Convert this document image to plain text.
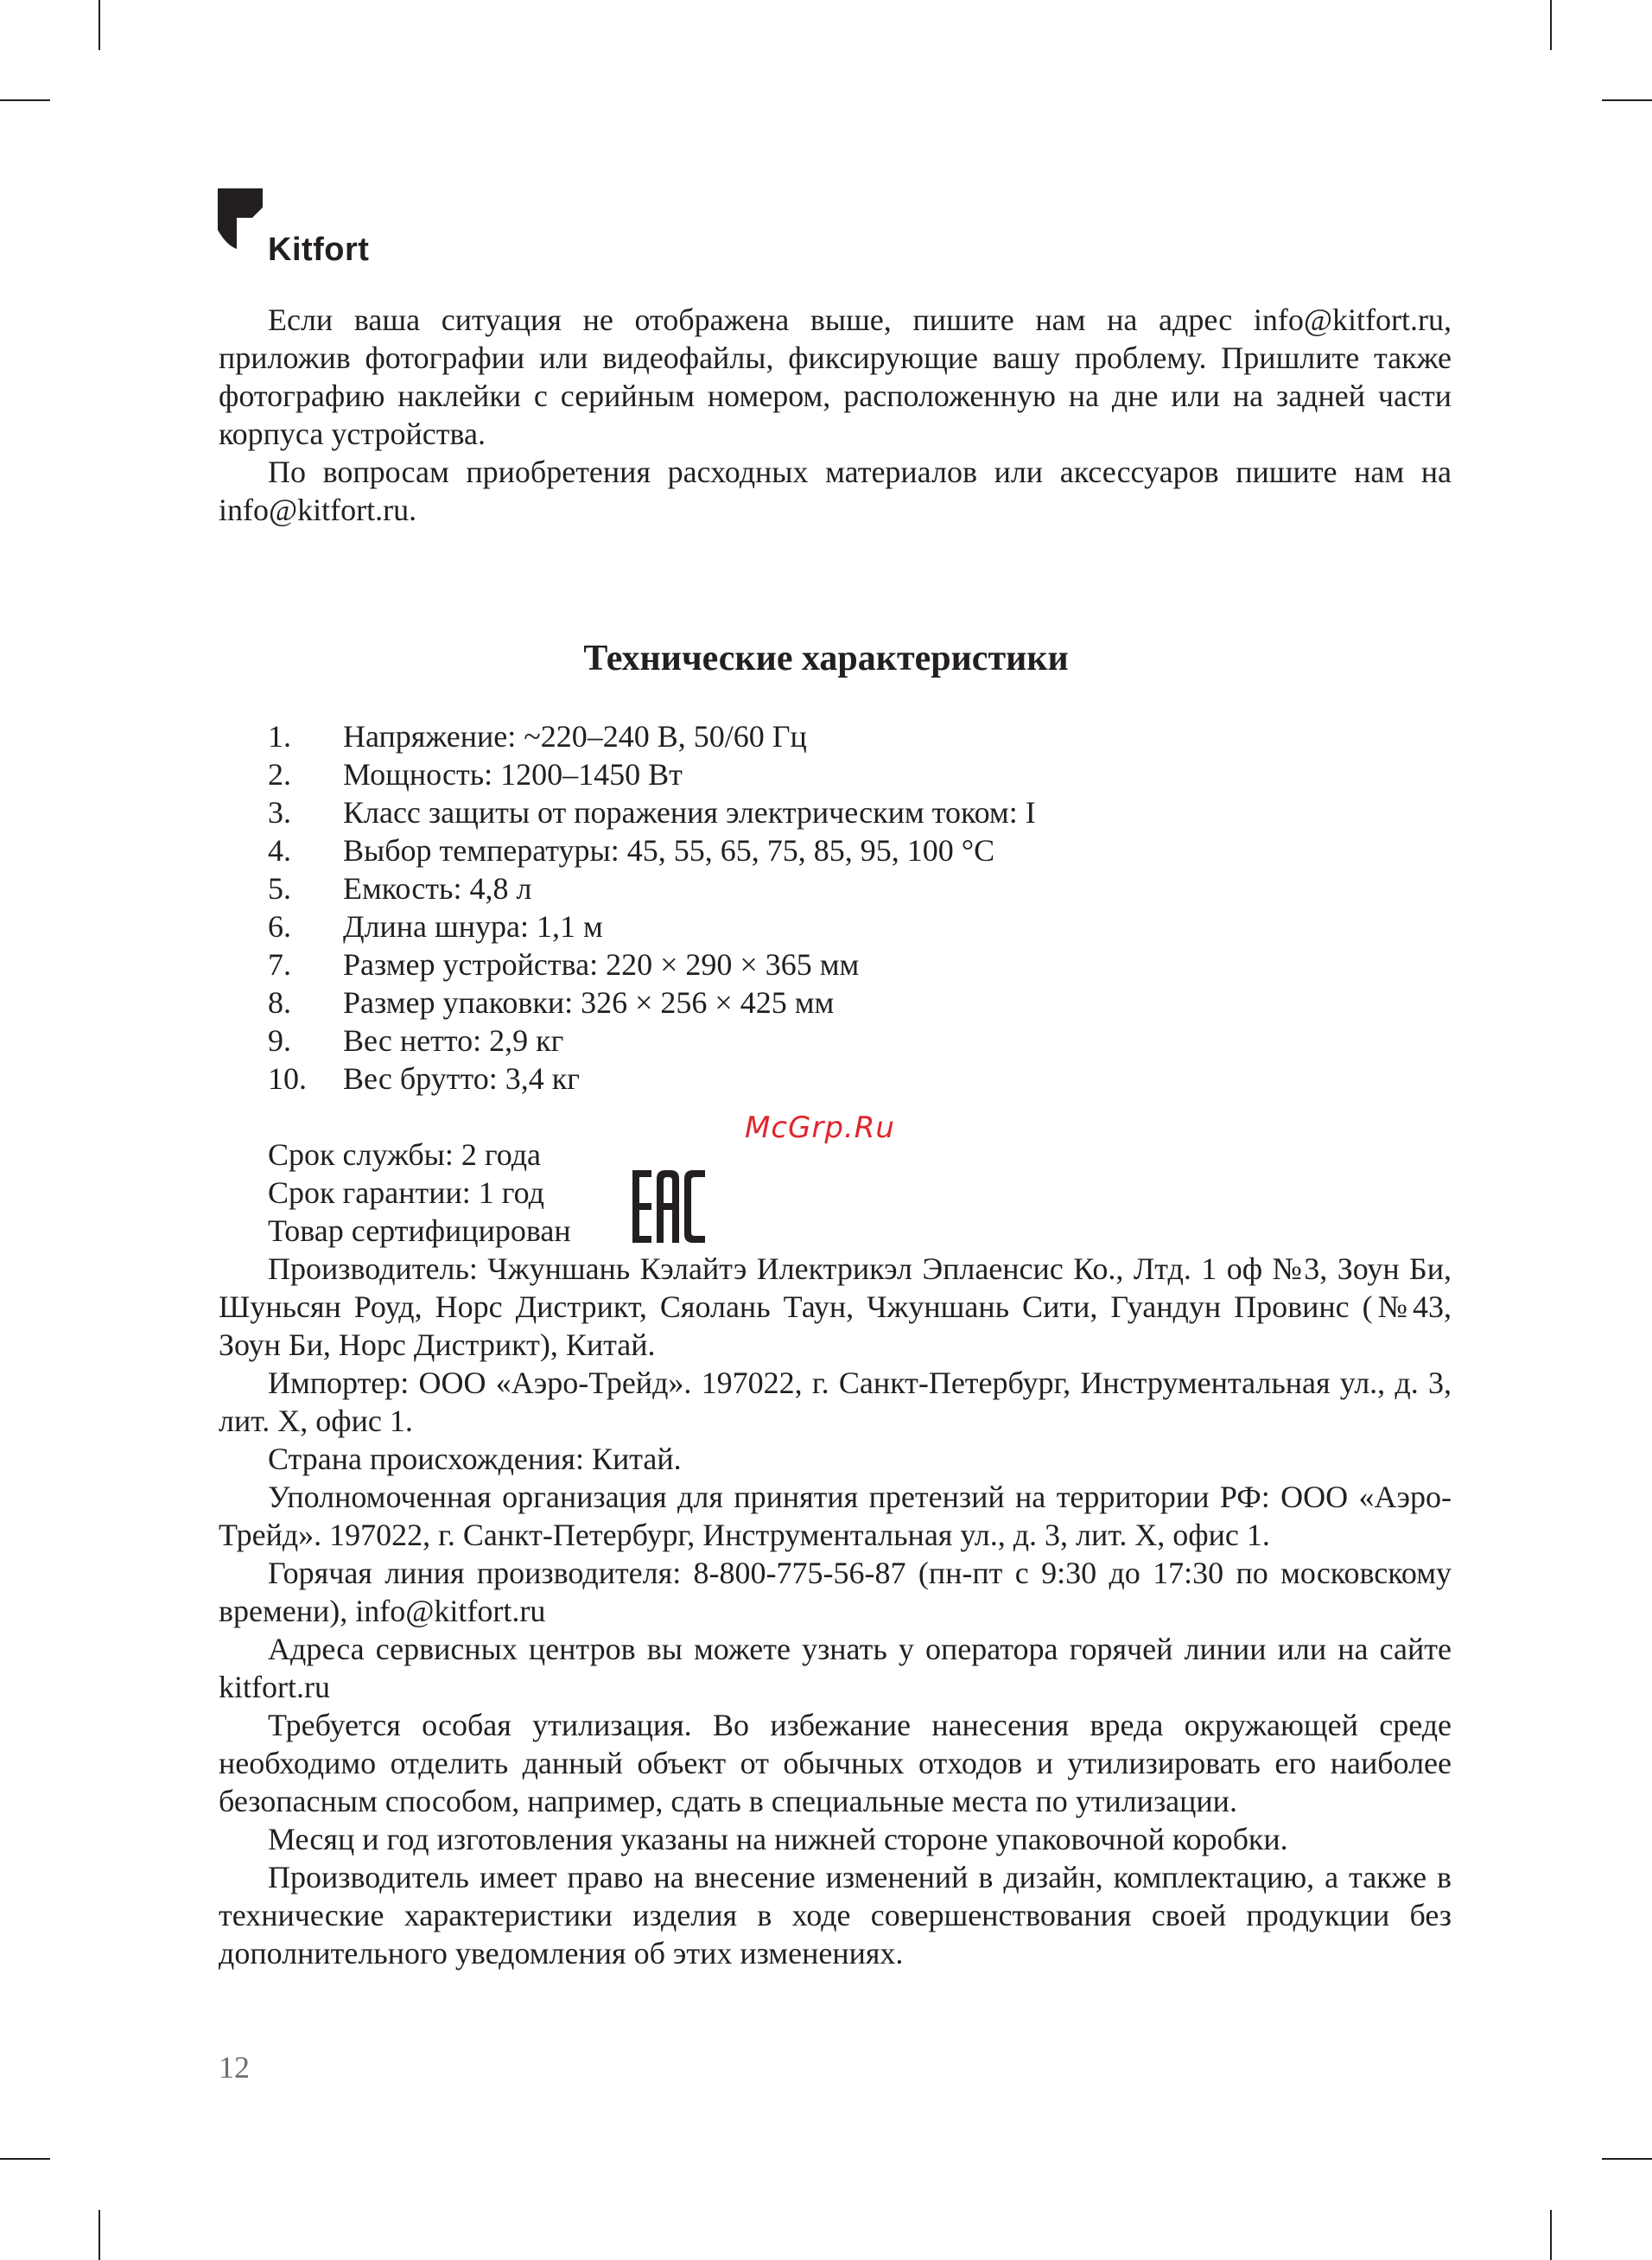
Kitfort

Если ваша ситуация не отображена выше, пишите нам на адрес info@kitfort.ru, приложив фотографии или видеофайлы, фиксирующие вашу проблему. Пришлите также фотографию наклейки с серийным номером, расположенную на дне или на задней части корпуса устройства.

По вопросам приобретения расходных материалов или аксессуаров пишите нам на info@kitfort.ru.

Технические характеристики
1. Напряжение: ~220–240 В, 50/60 Гц
2. Мощность: 1200–1450 Вт
3. Класс защиты от поражения электрическим током: I
4. Выбор температуры: 45, 55, 65, 75, 85, 95, 100 °С
5. Емкость: 4,8 л
6. Длина шнура: 1,1 м
7. Размер устройства: 220 × 290 × 365 мм
8. Размер упаковки: 326 × 256 × 425 мм
9. Вес нетто: 2,9 кг
10. Вес брутто: 3,4 кг
McGrp.Ru
Срок службы: 2 года
Срок гарантии: 1 год
Товар сертифицирован

Производитель: Чжуншань Кэлайтэ Илектрикэл Эплаенсис Ко., Лтд. 1 оф №3, Зоун Би, Шуньсян Роуд, Норс Дистрикт, Сяолань Таун, Чжуншань Сити, Гуандун Провинс (№43, Зоун Би, Норс Дистрикт), Китай.

Импортер: ООО «Аэро-Трейд». 197022, г. Санкт-Петербург, Инструментальная ул., д. 3, лит. Х, офис 1.

Страна происхождения: Китай.

Уполномоченная организация для принятия претензий на территории РФ: ООО «Аэро-Трейд». 197022, г. Санкт-Петербург, Инструментальная ул., д. 3, лит. Х, офис 1.

Горячая линия производителя: 8-800-775-56-87 (пн-пт с 9:30 до 17:30 по московскому времени), info@kitfort.ru

Адреса сервисных центров вы можете узнать у оператора горячей линии или на сайте kitfort.ru

Требуется особая утилизация. Во избежание нанесения вреда окружающей среде необходимо отделить данный объект от обычных отходов и утилизировать его наиболее безопасным способом, например, сдать в специальные места по утилизации.

Месяц и год изготовления указаны на нижней стороне упаковочной коробки.

Производитель имеет право на внесение изменений в дизайн, комплектацию, а также в технические характеристики изделия в ходе совершенствования своей продукции без дополнительного уведомления об этих изменениях.

12
